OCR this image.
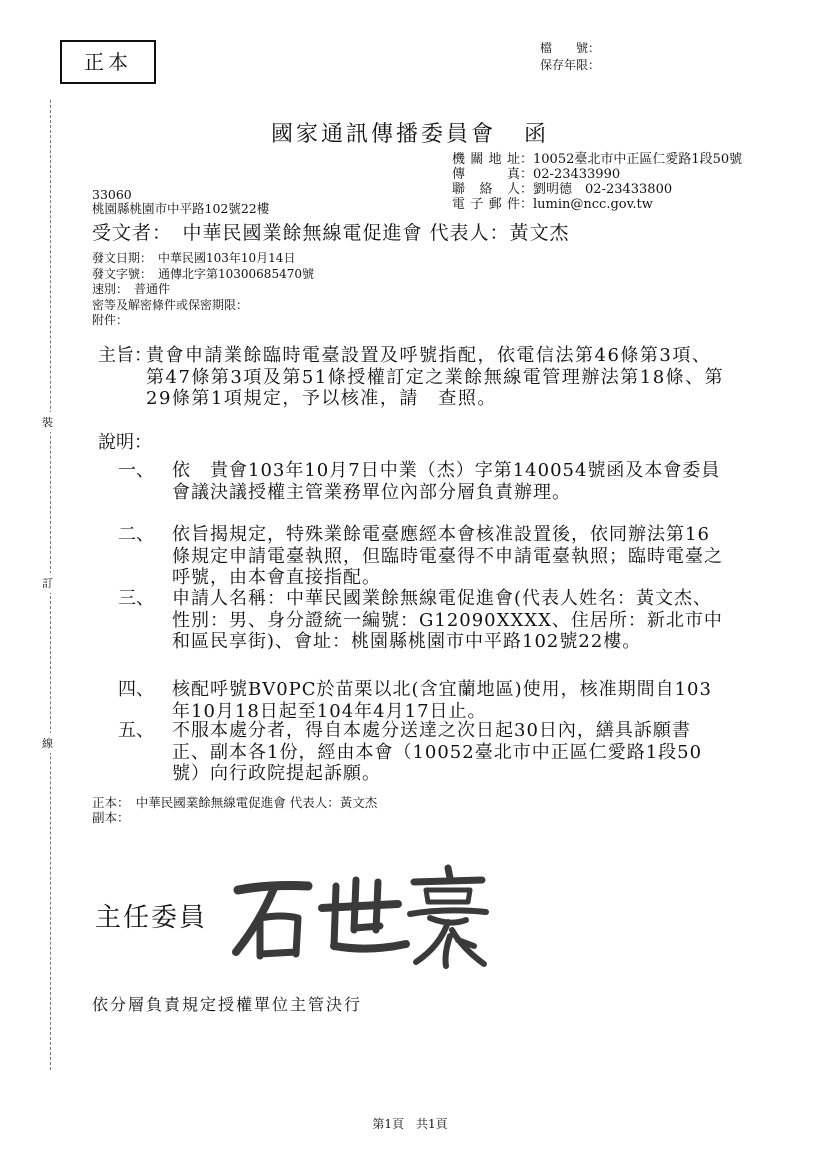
裝
訂
線
正本
檔　　號：
保存年限：
國家通訊傳播委員會 函
機關地址：10052臺北市中正區仁愛路1段50號
傳　　真：02-23433990
聯 絡 人：劉明德　02-23433800
電子郵件：lumin@ncc.gov.tw
33060
桃園縣桃園市中平路102號22樓
受文者：　中華民國業餘無線電促進會 代表人：黃文杰
發文日期：　中華民國103年10月14日
發文字號：　通傳北字第10300685470號
速別：　普通件
密等及解密條件或保密期限：
附件：
主旨：
貴會申請業餘臨時電臺設置及呼號指配，依電信法第46條第3項、第47條第3項及第51條授權訂定之業餘無線電管理辦法第18條、第29條第1項規定，予以核准，請　查照。
說明：
一、 依　貴會103年10月7日中業（杰）字第140054號函及本會委員會議決議授權主管業務單位內部分層負責辦理。
二、 依旨揭規定，特殊業餘電臺應經本會核准設置後，依同辦法第16條規定申請電臺執照，但臨時電臺得不申請電臺執照；臨時電臺之呼號，由本會直接指配。
三、 申請人名稱：中華民國業餘無線電促進會(代表人姓名：黃文杰、性別：男、身分證統一編號：G12090XXXX、住居所：新北市中和區民享街)、會址：桃園縣桃園市中平路102號22樓。
四、 核配呼號BV0PC於苗栗以北(含宜蘭地區)使用，核准期間自103年10月18日起至104年4月17日止。
五、 不服本處分者，得自本處分送達之次日起30日內，繕具訴願書正、副本各1份，經由本會（10052臺北市中正區仁愛路1段50號）向行政院提起訴願。
正本：　中華民國業餘無線電促進會 代表人：黃文杰
副本：
主任委員
依分層負責規定授權單位主管決行
第1頁　共1頁
